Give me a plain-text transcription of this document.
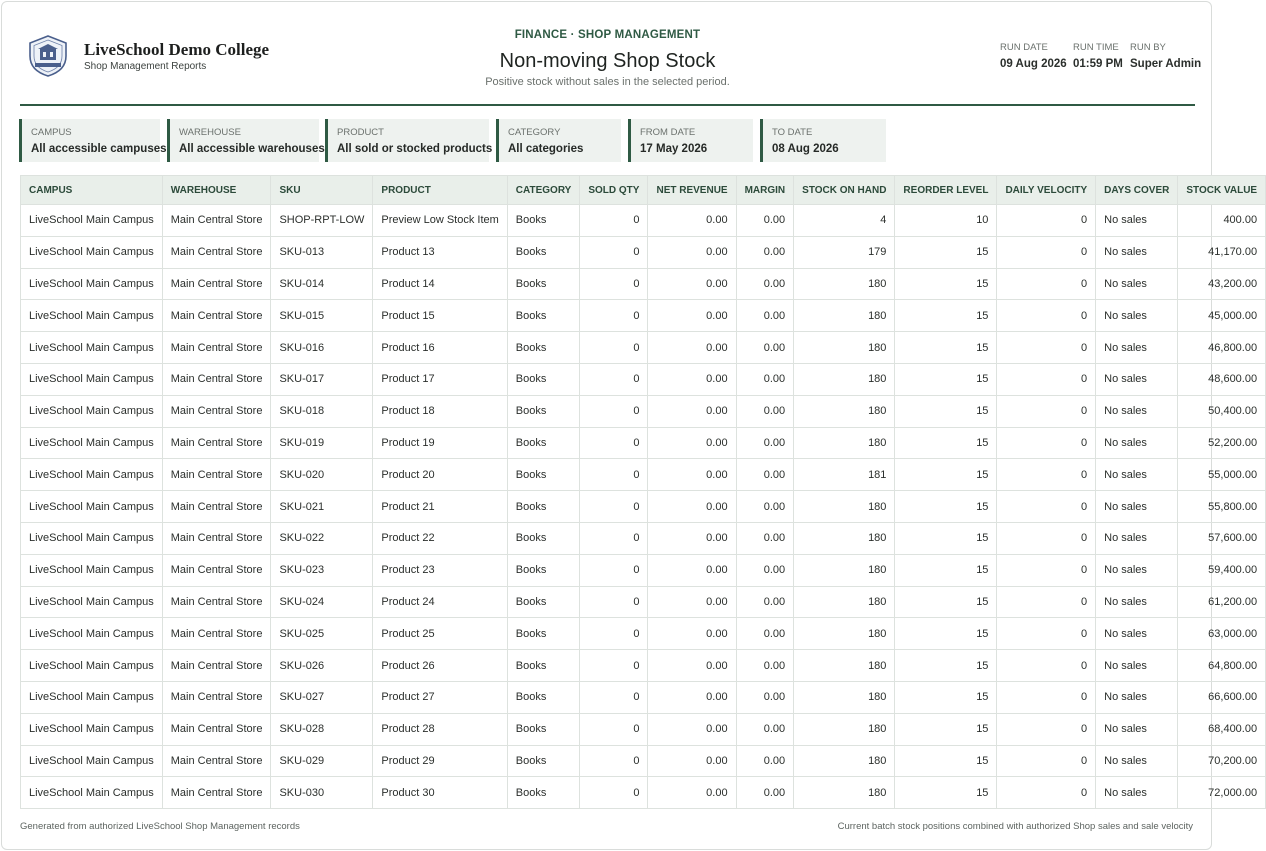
LiveSchool Demo College
Shop Management Reports
FINANCE · SHOP MANAGEMENT
Non-moving Shop Stock
Positive stock without sales in the selected period.
RUN DATE
09 Aug 2026
RUN TIME
01:59 PM
RUN BY
Super Admin
CAMPUS
All accessible campuses
WAREHOUSE
All accessible warehouses
PRODUCT
All sold or stocked products
CATEGORY
All categories
FROM DATE
17 May 2026
TO DATE
08 Aug 2026
CAMPUS	WAREHOUSE	SKU	PRODUCT	CATEGORY	SOLD QTY	NET REVENUE	MARGIN	STOCK ON HAND	REORDER LEVEL	DAILY VELOCITY	DAYS COVER	STOCK VALUE
LiveSchool Main Campus	Main Central Store	SHOP-RPT-LOW	Preview Low Stock Item	Books	0	0.00	0.00	4	10	0	No sales	400.00
LiveSchool Main Campus	Main Central Store	SKU-013	Product 13	Books	0	0.00	0.00	179	15	0	No sales	41,170.00
LiveSchool Main Campus	Main Central Store	SKU-014	Product 14	Books	0	0.00	0.00	180	15	0	No sales	43,200.00
LiveSchool Main Campus	Main Central Store	SKU-015	Product 15	Books	0	0.00	0.00	180	15	0	No sales	45,000.00
LiveSchool Main Campus	Main Central Store	SKU-016	Product 16	Books	0	0.00	0.00	180	15	0	No sales	46,800.00
LiveSchool Main Campus	Main Central Store	SKU-017	Product 17	Books	0	0.00	0.00	180	15	0	No sales	48,600.00
LiveSchool Main Campus	Main Central Store	SKU-018	Product 18	Books	0	0.00	0.00	180	15	0	No sales	50,400.00
LiveSchool Main Campus	Main Central Store	SKU-019	Product 19	Books	0	0.00	0.00	180	15	0	No sales	52,200.00
LiveSchool Main Campus	Main Central Store	SKU-020	Product 20	Books	0	0.00	0.00	181	15	0	No sales	55,000.00
LiveSchool Main Campus	Main Central Store	SKU-021	Product 21	Books	0	0.00	0.00	180	15	0	No sales	55,800.00
LiveSchool Main Campus	Main Central Store	SKU-022	Product 22	Books	0	0.00	0.00	180	15	0	No sales	57,600.00
LiveSchool Main Campus	Main Central Store	SKU-023	Product 23	Books	0	0.00	0.00	180	15	0	No sales	59,400.00
LiveSchool Main Campus	Main Central Store	SKU-024	Product 24	Books	0	0.00	0.00	180	15	0	No sales	61,200.00
LiveSchool Main Campus	Main Central Store	SKU-025	Product 25	Books	0	0.00	0.00	180	15	0	No sales	63,000.00
LiveSchool Main Campus	Main Central Store	SKU-026	Product 26	Books	0	0.00	0.00	180	15	0	No sales	64,800.00
LiveSchool Main Campus	Main Central Store	SKU-027	Product 27	Books	0	0.00	0.00	180	15	0	No sales	66,600.00
LiveSchool Main Campus	Main Central Store	SKU-028	Product 28	Books	0	0.00	0.00	180	15	0	No sales	68,400.00
LiveSchool Main Campus	Main Central Store	SKU-029	Product 29	Books	0	0.00	0.00	180	15	0	No sales	70,200.00
LiveSchool Main Campus	Main Central Store	SKU-030	Product 30	Books	0	0.00	0.00	180	15	0	No sales	72,000.00
Generated from authorized LiveSchool Shop Management records	Current batch stock positions combined with authorized Shop sales and sale velocity
